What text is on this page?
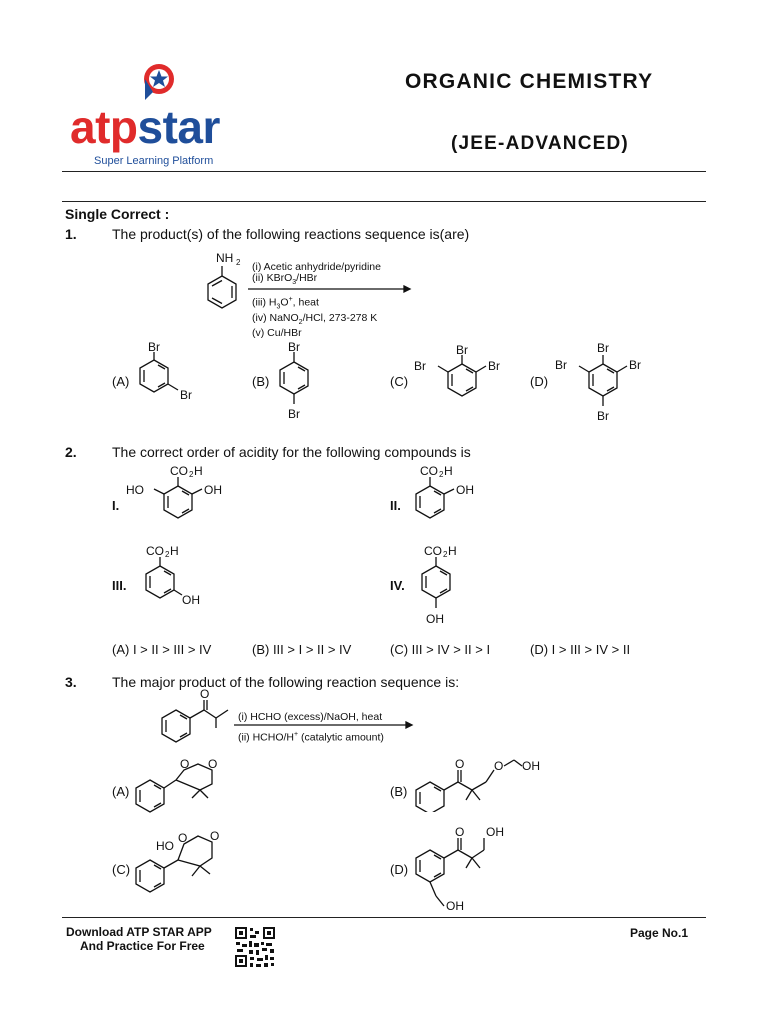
atpstar
Super Learning Platform
ORGANIC CHEMISTRY
(JEE-ADVANCED)
Single Correct :
1.	The product(s) of the following reactions sequence is(are)
NH 2 (i) Acetic anhydride/pyridine
(ii) KBrO$_3$/HBr
(iii) $H_3O^+$, heat
(iv) NaNO$_2$/HCl, 273-278 K
(v) Cu/HBr
(A)
Br
Br
(B)
Br
Br
(C)
Br
Br	Br
(D)
Br
Br	Br
Br
2.	The correct order of acidity for the following compounds is
I.
CO 2 H
HO	OH
II.
CO 2 H
OH
III.
CO 2 H
OH
IV.
CO 2 H
OH
(A) I > II > III > IV	(B) III > I > II > IV	(C) III > IV > II > I	(D) I > III > IV > II
3.	The major product of the following reaction sequence is:
O
(i) HCHO (excess)/NaOH, heat
(ii) HCHO/H+ (catalytic amount)
(A)
O O
(B)
O O OH
(C)
HO
O O
(D)
O OH
OH
Download ATP STAR APP
And Practice For Free
Page No.1
